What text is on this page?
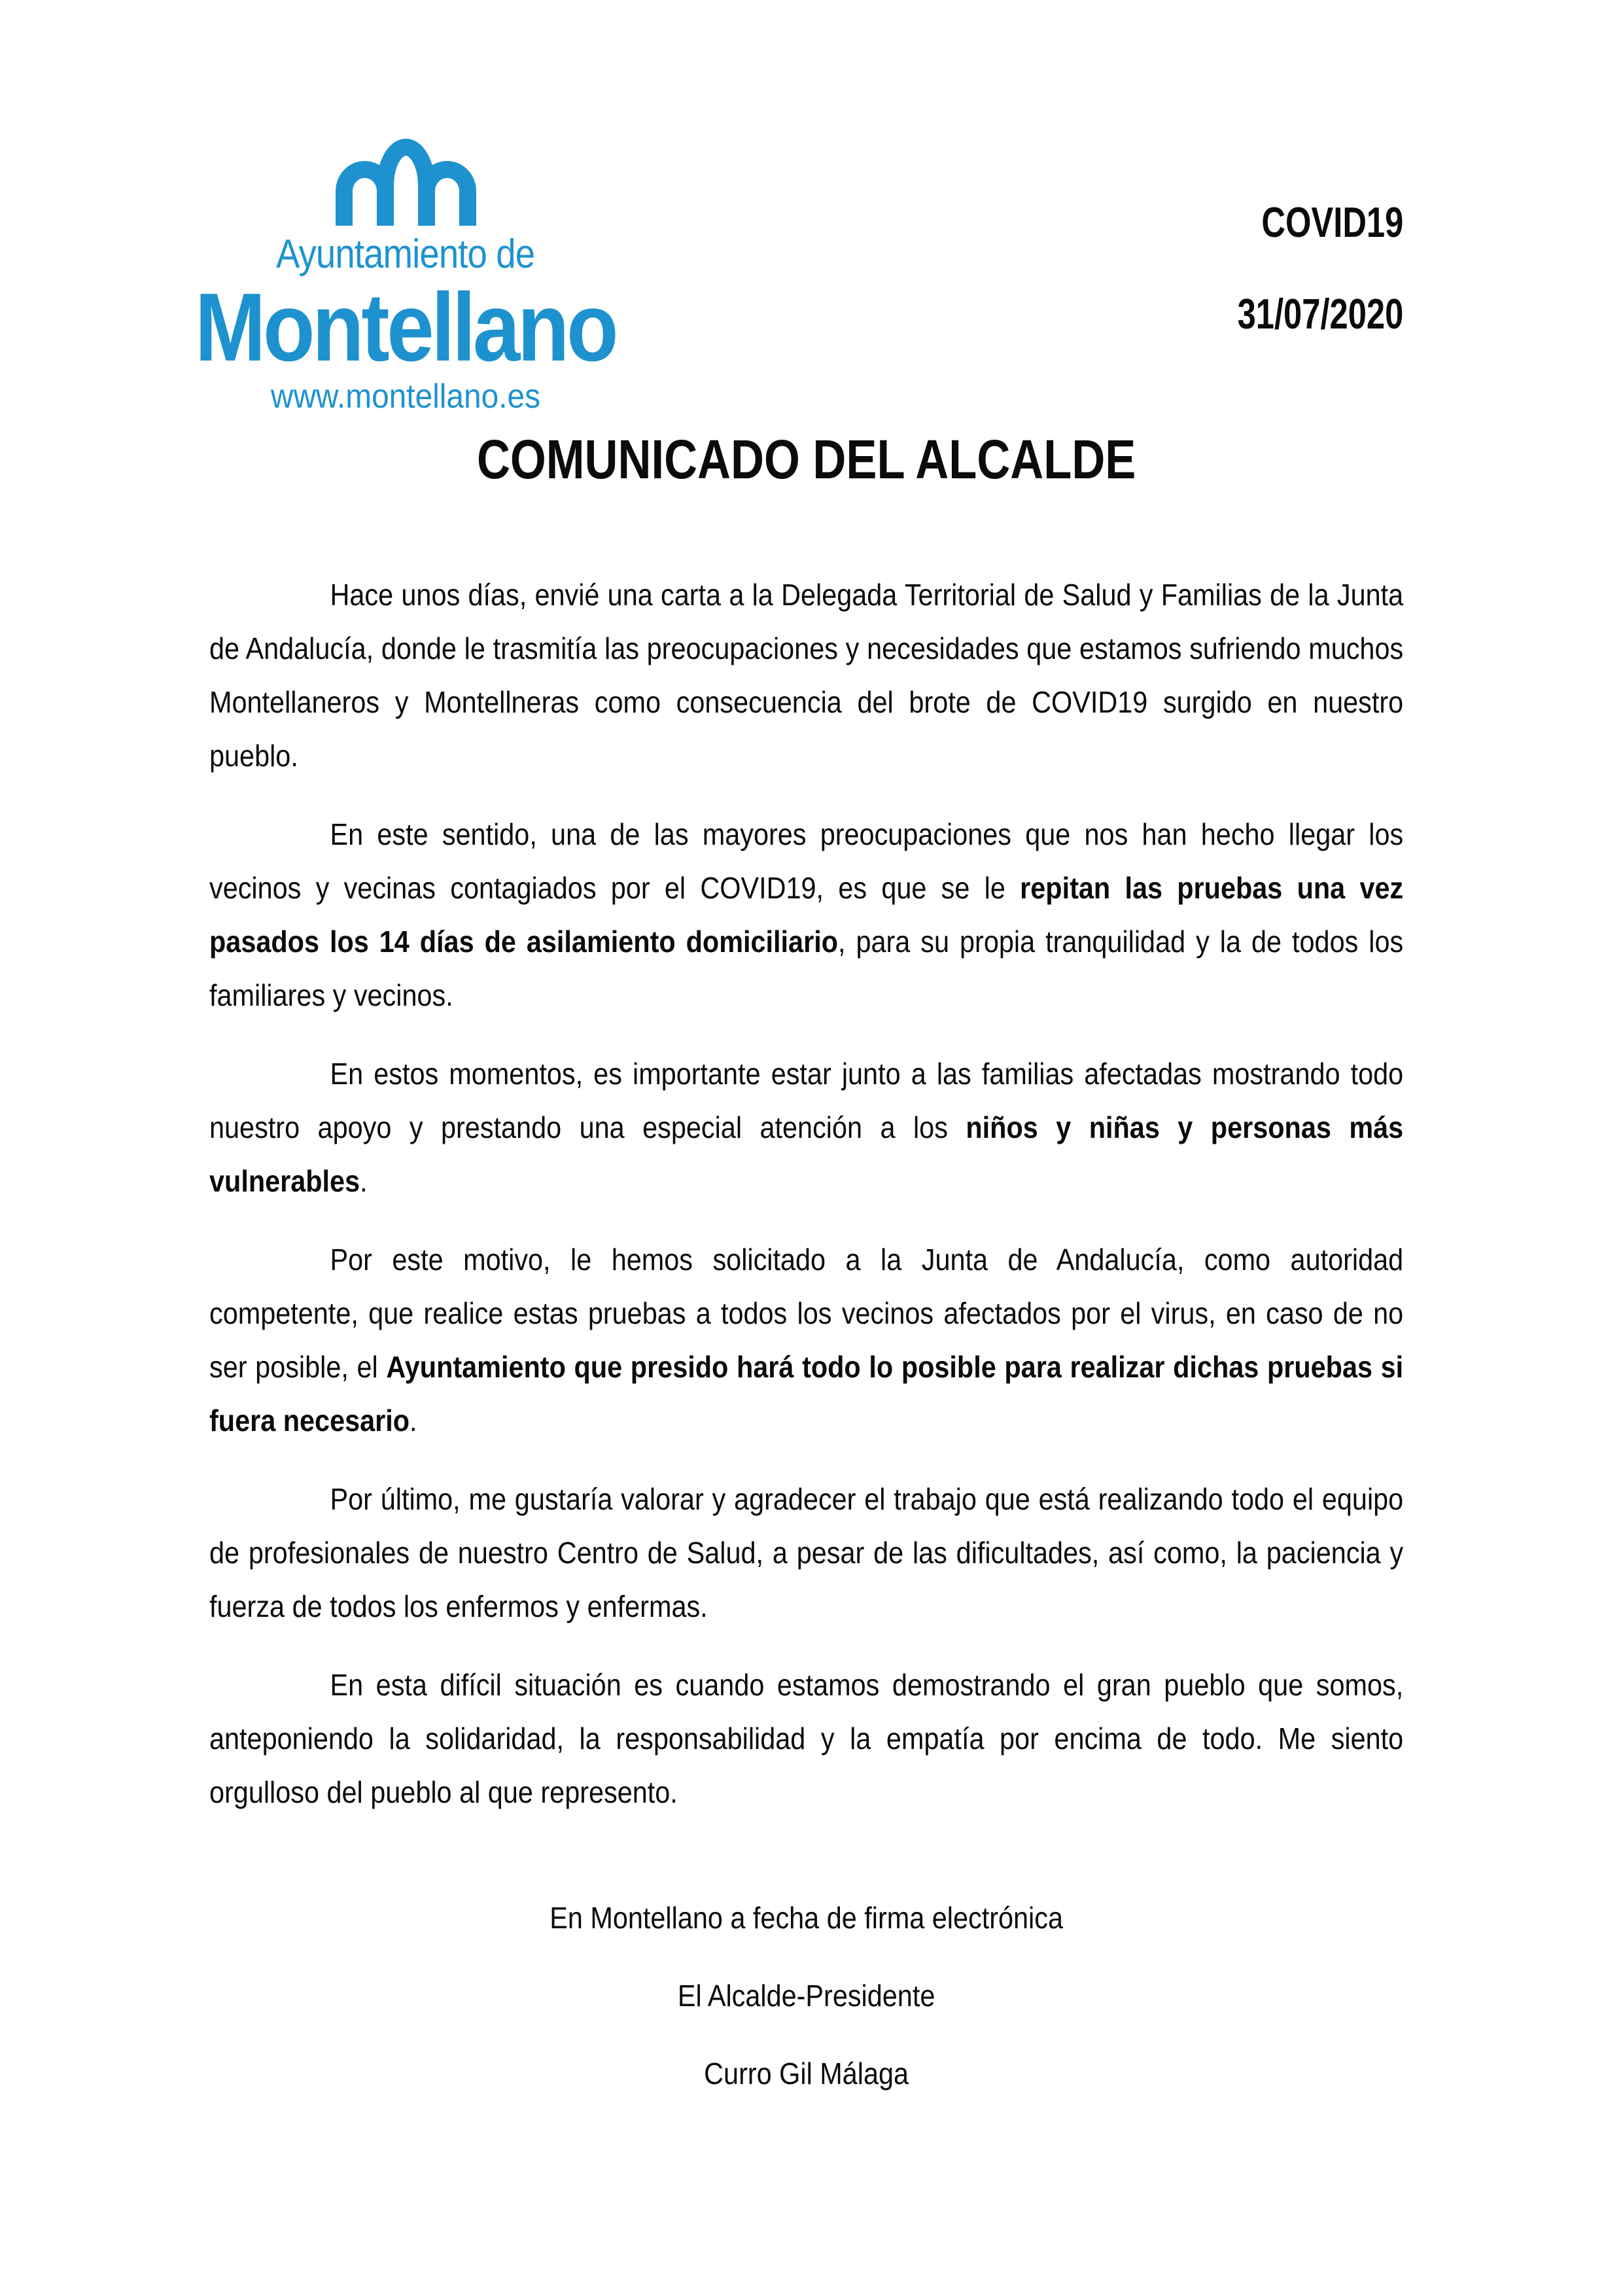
Ayuntamiento de
Montellano
www.montellano.es
COVID19
31/07/2020
COMUNICADO DEL ALCALDE

Hace unos días, envié una carta a la Delegada Territorial de Salud y Familias de la Junta de Andalucía, donde le trasmitía las preocupaciones y necesidades que estamos sufriendo muchos Montellaneros y Montellneras como consecuencia del brote de COVID19 surgido en nuestro pueblo.

En este sentido, una de las mayores preocupaciones que nos han hecho llegar los vecinos y vecinas contagiados por el COVID19, es que se le repitan las pruebas una vez pasados los 14 días de asilamiento domiciliario, para su propia tranquilidad y la de todos los familiares y vecinos.

En estos momentos, es importante estar junto a las familias afectadas mostrando todo nuestro apoyo y prestando una especial atención a los niños y niñas y personas más vulnerables.

Por este motivo, le hemos solicitado a la Junta de Andalucía, como autoridad competente, que realice estas pruebas a todos los vecinos afectados por el virus, en caso de no ser posible, el Ayuntamiento que presido hará todo lo posible para realizar dichas pruebas si fuera necesario.

Por último, me gustaría valorar y agradecer el trabajo que está realizando todo el equipo de profesionales de nuestro Centro de Salud, a pesar de las dificultades, así como, la paciencia y fuerza de todos los enfermos y enfermas.

En esta difícil situación es cuando estamos demostrando el gran pueblo que somos, anteponiendo la solidaridad, la responsabilidad y la empatía por encima de todo. Me siento orgulloso del pueblo al que represento.

En Montellano a fecha de firma electrónica

El Alcalde-Presidente

Curro Gil Málaga
